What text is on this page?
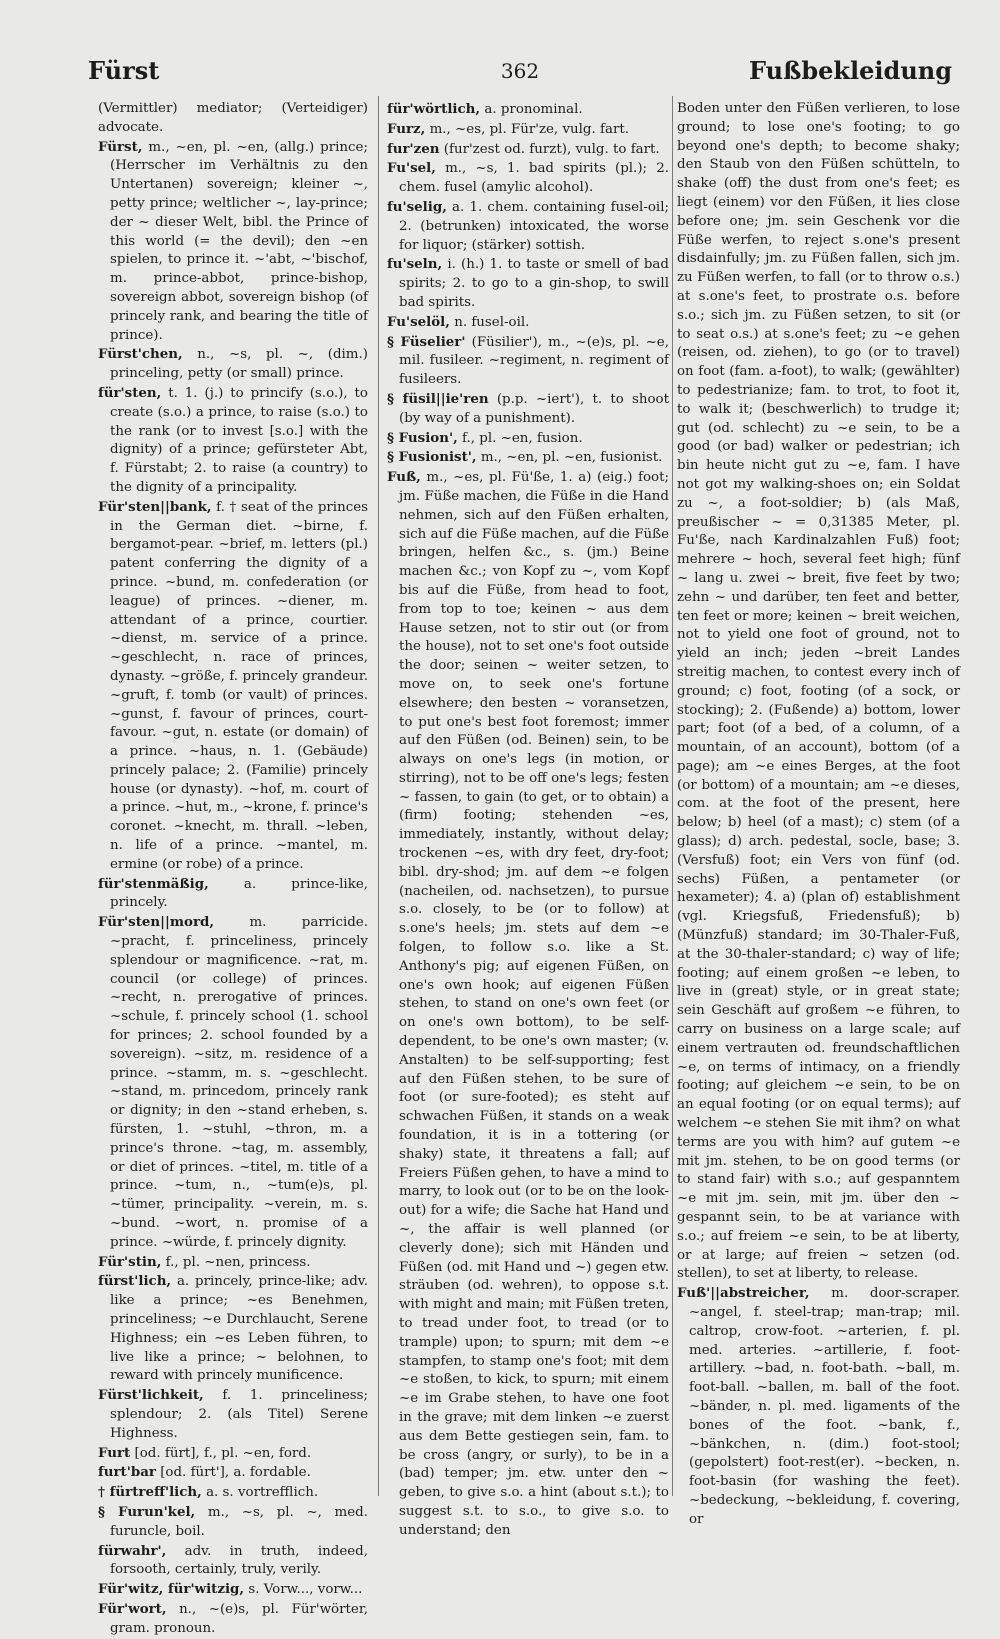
Fürst	362	Fußbekleidung

(Vermittler) mediator; (Verteidiger) advocate.

Fürst, m., ~en, pl. ~en, (allg.) prince; (Herrscher im Verhältnis zu den Untertanen) sovereign; kleiner ~, petty prince; weltlicher ~, lay-prince; der ~ dieser Welt, bibl. the Prince of this world (= the devil); den ~en spielen, to prince it. ~'abt, ~'bischof, m. prince-abbot, prince-bishop, sovereign abbot, sovereign bishop (of princely rank, and bearing the title of prince).

Fürst'chen, n., ~s, pl. ~, (dim.) princeling, petty (or small) prince.

für'sten, t. 1. (j.) to princify (s.o.), to create (s.o.) a prince, to raise (s.o.) to the rank (or to invest [s.o.] with the dignity) of a prince; gefürsteter Abt, f. Fürstabt; 2. to raise (a country) to the dignity of a principality.

Für'sten||bank, f. † seat of the princes in the German diet. ~birne, f. bergamot-pear. ~brief, m. letters (pl.) patent conferring the dignity of a prince. ~bund, m. confederation (or league) of princes. ~diener, m. attendant of a prince, courtier. ~dienst, m. service of a prince. ~geschlecht, n. race of princes, dynasty. ~größe, f. princely grandeur. ~gruft, f. tomb (or vault) of princes. ~gunst, f. favour of princes, court-favour. ~gut, n. estate (or domain) of a prince. ~haus, n. 1. (Gebäude) princely palace; 2. (Familie) princely house (or dynasty). ~hof, m. court of a prince. ~hut, m., ~krone, f. prince's coronet. ~knecht, m. thrall. ~leben, n. life of a prince. ~mantel, m. ermine (or robe) of a prince.

für'stenmäßig,	a. prince-like, princely.

Für'sten||mord,	m. parricide. ~pracht, f. princeliness, princely splendour or magnificence. ~rat, m. council (or college) of princes. ~recht, n. prerogative of princes. ~schule, f. princely school (1. school for princes; 2. school founded by a sovereign). ~sitz, m. residence of a prince. ~stamm, m. s. ~geschlecht. ~stand, m. princedom, princely rank or dignity; in den ~stand erheben, s. fürsten, 1. ~stuhl, ~thron, m. a prince's throne. ~tag, m. assembly, or diet of princes. ~titel, m. title of a prince. ~tum, n., ~tum(e)s, pl. ~tümer, principality. ~verein, m. s. ~bund. ~wort, n. promise of a prince. ~würde, f. princely dignity.

Für'stin, f., pl. ~nen, princess.

fürst'lich, a. princely, prince-like; adv. like a prince; ~es Benehmen, princeliness; ~e Durchlaucht, Serene Highness; ein ~es Leben führen, to live like a prince; ~ belohnen, to reward with princely munificence.

Fürst'lichkeit, f. 1. princeliness; splendour; 2. (als Titel) Serene Highness.

Furt [od. fürt], f., pl. ~en, ford.

furt'bar [od. fürt'], a. fordable.

† fürtreff'lich, a. s. vortrefflich.

§ Furun'kel, m., ~s, pl. ~, med. furuncle, boil.

fürwahr', adv. in truth, indeed, forsooth, certainly, truly, verily.

Für'witz, für'witzig, s. Vorw..., vorw...

Für'wort, n., ~(e)s, pl. Für'wörter, gram. pronoun.

für'wörtlich, a. pronominal.

Furz, m., ~es, pl. Für'ze, vulg. fart.

fur'zen (fur'zest od. furzt), vulg. to fart.

Fu'sel, m., ~s, 1. bad spirits (pl.); 2. chem. fusel (amylic alcohol).

fu'selig, a. 1. chem. containing fusel-oil; 2. (betrunken) intoxicated, the worse for liquor; (stärker) sottish.

fu'seln, i. (h.) 1. to taste or smell of bad spirits; 2. to go to a gin-shop, to swill bad spirits.

Fu'selöl, n. fusel-oil.

§ Füselier' (Füsilier'), m., ~(e)s, pl. ~e, mil. fusileer. ~regiment, n. regiment of fusileers.

§ füsil||ie'ren (p.p. ~iert'), t. to shoot (by way of a punishment).

§ Fusion', f., pl. ~en, fusion.

§ Fusionist', m., ~en, pl. ~en, fusionist.

Fuß, m., ~es, pl. Fü'ße, 1. a) (eig.) foot; jm. Füße machen, die Füße in die Hand nehmen, sich auf den Füßen erhalten, sich auf die Füße machen, auf die Füße bringen, helfen &c., s. (jm.) Beine machen &c.; von Kopf zu ~, vom Kopf bis auf die Füße, from head to foot, from top to toe; keinen ~ aus dem Hause setzen, not to stir out (or from the house), not to set one's foot outside the door; seinen ~ weiter setzen, to move on, to seek one's fortune elsewhere; den besten ~ voransetzen, to put one's best foot foremost; immer auf den Füßen (od. Beinen) sein, to be always on one's legs (in motion, or stirring), not to be off one's legs; festen ~ fassen, to gain (to get, or to obtain) a (firm) footing; stehenden ~es, immediately, instantly, without delay; trockenen ~es, with dry feet, dry-foot; bibl. dry-shod; jm. auf dem ~e folgen (nacheilen, od. nachsetzen), to pursue s.o. closely, to be (or to follow) at s.one's heels; jm. stets auf dem ~e folgen, to follow s.o. like a St. Anthony's pig; auf eigenen Füßen, on one's own hook; auf eigenen Füßen stehen, to stand on one's own feet (or on one's own bottom), to be self-dependent, to be one's own master; (v. Anstalten) to be self-supporting; fest auf den Füßen stehen, to be sure of foot (or sure-footed); es steht auf schwachen Füßen, it stands on a weak foundation, it is in a tottering (or shaky) state, it threatens a fall; auf Freiers Füßen gehen, to have a mind to marry, to look out (or to be on the look-out) for a wife; die Sache hat Hand und ~, the affair is well planned (or cleverly done); sich mit Händen und Füßen (od. mit Hand und ~) gegen etw. sträuben (od. wehren), to oppose s.t. with might and main; mit Füßen treten, to tread under foot, to tread (or to trample) upon; to spurn; mit dem ~e stampfen, to stamp one's foot; mit dem ~e stoßen, to kick, to spurn; mit einem ~e im Grabe stehen, to have one foot in the grave; mit dem linken ~e zuerst aus dem Bette gestiegen sein, fam. to be cross (angry, or surly), to be in a (bad) temper; jm. etw. unter den ~ geben, to give s.o. a hint (about s.t.); to suggest s.t. to s.o., to give s.o. to understand; den

Boden unter den Füßen verlieren, to lose ground; to lose one's footing; to go beyond one's depth; to become shaky; den Staub von den Füßen schütteln, to shake (off) the dust from one's feet; es liegt (einem) vor den Füßen, it lies close before one; jm. sein Geschenk vor die Füße werfen, to reject s.one's present disdainfully; jm. zu Füßen fallen, sich jm. zu Füßen werfen, to fall (or to throw o.s.) at s.one's feet, to prostrate o.s. before s.o.; sich jm. zu Füßen setzen, to sit (or to seat o.s.) at s.one's feet; zu ~e gehen (reisen, od. ziehen), to go (or to travel) on foot (fam. a-foot), to walk; (gewählter) to pedestrianize; fam. to trot, to foot it, to walk it; (beschwerlich) to trudge it; gut (od. schlecht) zu ~e sein, to be a good (or bad) walker or pedestrian; ich bin heute nicht gut zu ~e, fam. I have not got my walking-shoes on; ein Soldat zu ~, a foot-soldier; b) (als Maß, preußischer ~ = 0,31385 Meter, pl. Fu'ße, nach Kardinalzahlen Fuß) foot; mehrere ~ hoch, several feet high; fünf ~ lang u. zwei ~ breit, five feet by two; zehn ~ und darüber, ten feet and better, ten feet or more; keinen ~ breit weichen, not to yield one foot of ground, not to yield an inch; jeden ~breit Landes streitig machen, to contest every inch of ground; c) foot, footing (of a sock, or stocking); 2. (Fußende) a) bottom, lower part; foot (of a bed, of a column, of a mountain, of an account), bottom (of a page); am ~e eines Berges, at the foot (or bottom) of a mountain; am ~e dieses, com. at the foot of the present, here below; b) heel (of a mast); c) stem (of a glass); d) arch. pedestal, socle, base; 3. (Versfuß) foot; ein Vers von fünf (od. sechs) Füßen, a pentameter (or hexameter); 4. a) (plan of) establishment (vgl. Kriegsfuß, Friedensfuß); b) (Münzfuß) standard; im 30-Thaler-Fuß, at the 30-thaler-standard; c) way of life; footing; auf einem großen ~e leben, to live in (great) style, or in great state; sein Geschäft auf großem ~e führen, to carry on business on a large scale; auf einem vertrauten od. freundschaftlichen ~e, on terms of intimacy, on a friendly footing; auf gleichem ~e sein, to be on an equal footing (or on equal terms); auf welchem ~e stehen Sie mit ihm? on what terms are you with him? auf gutem ~e mit jm. stehen, to be on good terms (or to stand fair) with s.o.; auf gespanntem ~e mit jm. sein, mit jm. über den ~ gespannt sein, to be at variance with s.o.; auf freiem ~e sein, to be at liberty, or at large; auf freien ~ setzen (od. stellen), to set at liberty, to release.

Fuß'||abstreicher, m. door-scraper. ~angel, f. steel-trap; man-trap; mil. caltrop, crow-foot. ~arterien, f. pl. med. arteries. ~artillerie, f. foot-artillery. ~bad, n. foot-bath. ~ball, m. foot-ball. ~ballen, m. ball of the foot. ~bänder, n. pl. med. ligaments of the bones of the foot. ~bank, f., ~bänkchen, n. (dim.) foot-stool; (gepolstert) foot-rest(er). ~becken, n. foot-basin (for washing the feet). ~bedeckung, ~bekleidung, f. covering, or
